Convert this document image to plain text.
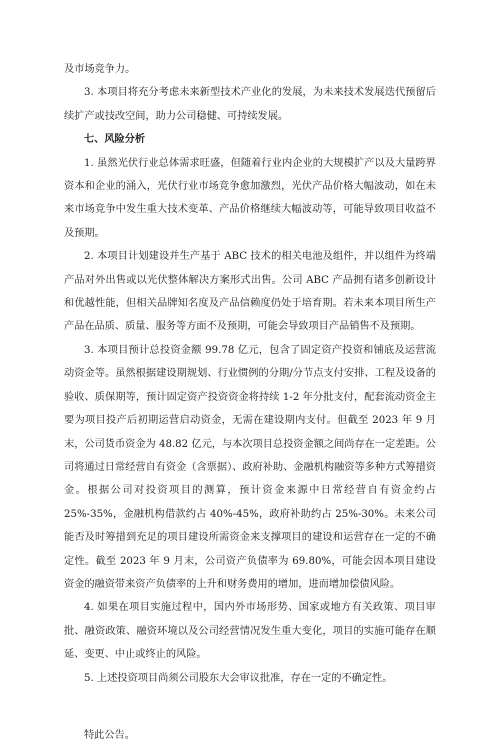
及市场竞争力。

3. 本项目将充分考虑未来新型技术产业化的发展，为未来技术发展迭代预留后续扩产或技改空间，助力公司稳健、可持续发展。

七、风险分析

1. 虽然光伏行业总体需求旺盛，但随着行业内企业的大规模扩产以及大量跨界资本和企业的涌入，光伏行业市场竞争愈加激烈，光伏产品价格大幅波动，如在未来市场竞争中发生重大技术变革、产品价格继续大幅波动等，可能导致项目收益不及预期。

2. 本项目计划建设并生产基于 ABC 技术的相关电池及组件，并以组件为终端产品对外出售或以光伏整体解决方案形式出售。公司 ABC 产品拥有诸多创新设计和优越性能，但相关品牌知名度及产品信赖度仍处于培育期。若未来本项目所生产产品在品质、质量、服务等方面不及预期，可能会导致项目产品销售不及预期。

3. 本项目预计总投资金额 99.78 亿元，包含了固定资产投资和铺底及运营流动资金等。虽然根据建设期规划、行业惯例的分期/分节点支付安排、工程及设备的验收、质保期等，预计固定资产投资资金将持续 1-2 年分批支付，配套流动资金主要为项目投产后初期运营启动资金，无需在建设期内支付。但截至 2023 年 9 月末，公司货币资金为 48.82 亿元，与本次项目总投资金额之间尚存在一定差距。公司将通过日常经营自有资金（含票据）、政府补助、金融机构融资等多种方式筹措资金。根据公司对投资项目的测算，预计资金来源中日常经营自有资金约占 25%-35%，金融机构借款约占 40%-45%，政府补助约占 25%-30%。未来公司能否及时筹措到充足的项目建设所需资金来支撑项目的建设和运营存在一定的不确定性。截至 2023 年 9 月末，公司资产负债率为 69.80%，可能会因本项目建设资金的融资带来资产负债率的上升和财务费用的增加，进而增加偿债风险。

4. 如果在项目实施过程中，国内外市场形势、国家或地方有关政策、项目审批、融资政策、融资环境以及公司经营情况发生重大变化，项目的实施可能存在顺延、变更、中止或终止的风险。

5. 上述投资项目尚须公司股东大会审议批准，存在一定的不确定性。

特此公告。
